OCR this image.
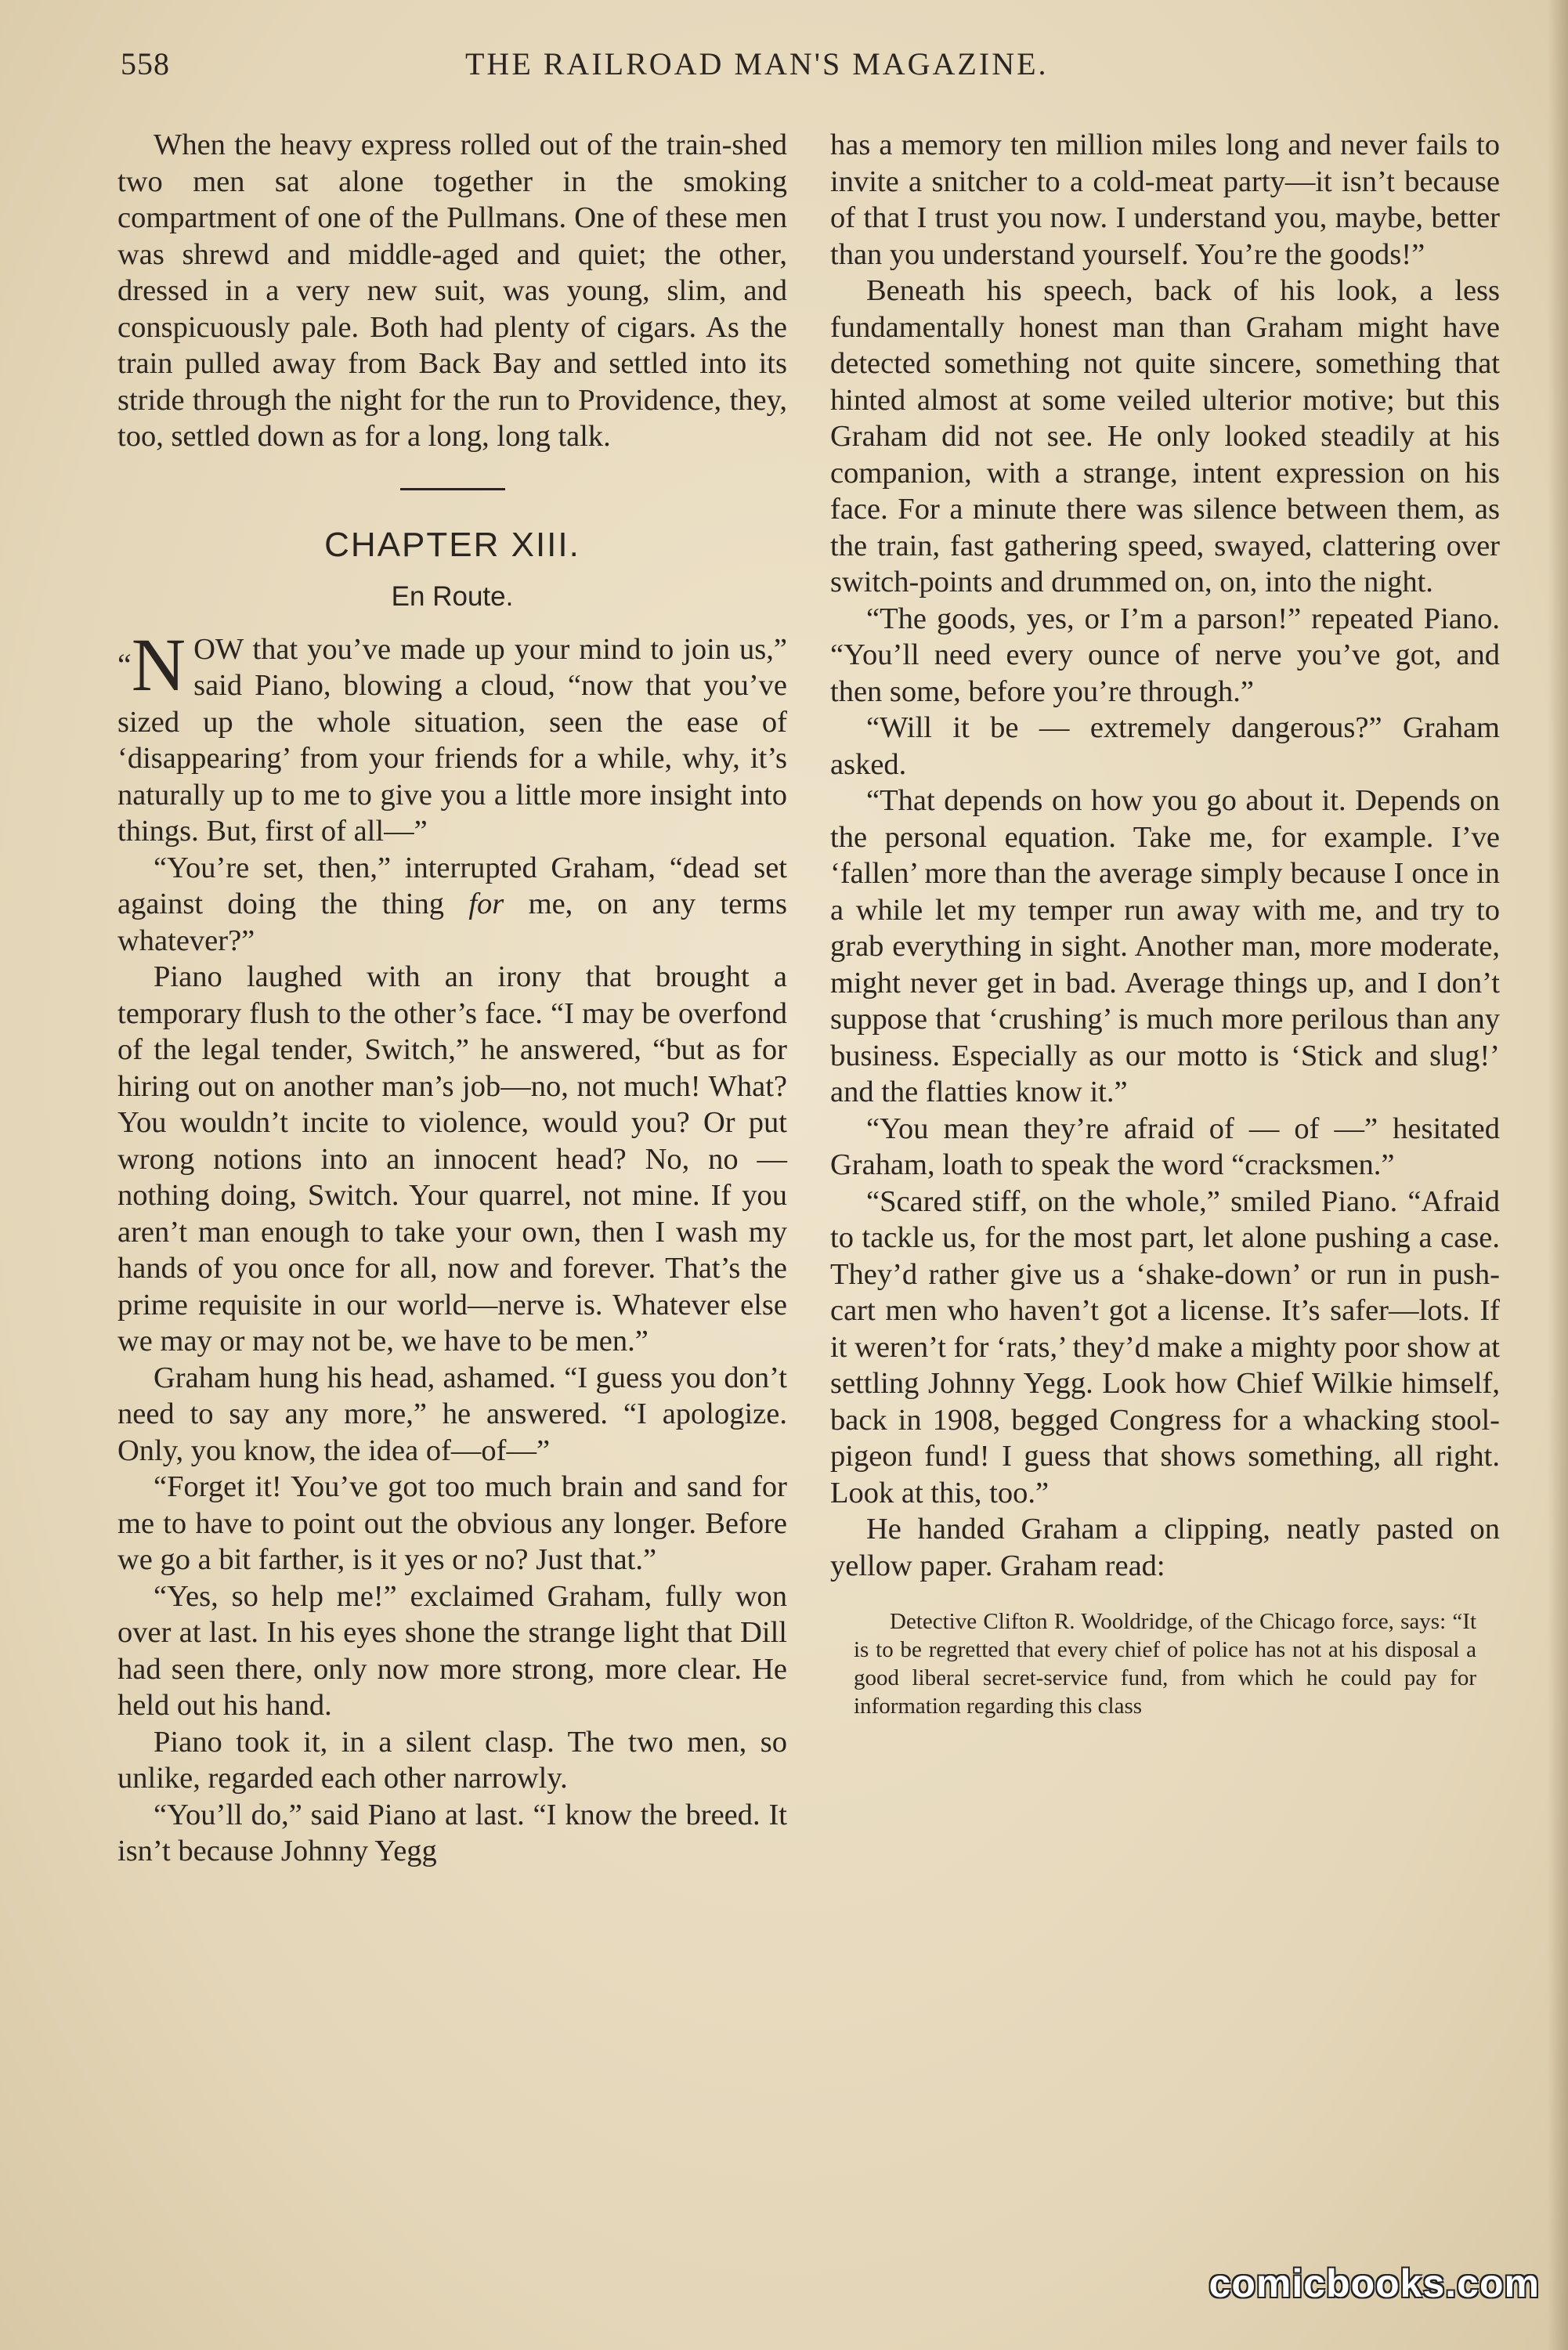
558	THE RAILROAD MAN'S MAGAZINE.

When the heavy express rolled out of the train-shed two men sat alone together in the smoking compartment of one of the Pullmans. One of these men was shrewd and middle-aged and quiet; the other, dressed in a very new suit, was young, slim, and conspicuously pale. Both had plenty of cigars. As the train pulled away from Back Bay and settled into its stride through the night for the run to Providence, they, too, settled down as for a long, long talk.

CHAPTER XIII.
En Route.

“N OW that you’ve made up your mind to join us,” said Piano, blowing a cloud, “now that you’ve sized up the whole situation, seen the ease of ‘disappearing’ from your friends for a while, why, it’s naturally up to me to give you a little more insight into things. But, first of all—”

“You’re set, then,” interrupted Graham, “dead set against doing the thing for me, on any terms whatever?”

Piano laughed with an irony that brought a temporary flush to the other’s face. “I may be overfond of the legal tender, Switch,” he answered, “but as for hiring out on another man’s job—no, not much! What? You wouldn’t incite to violence, would you? Or put wrong notions into an innocent head? No, no — nothing doing, Switch. Your quarrel, not mine. If you aren’t man enough to take your own, then I wash my hands of you once for all, now and forever. That’s the prime requisite in our world—nerve is. Whatever else we may or may not be, we have to be men.”

Graham hung his head, ashamed. “I guess you don’t need to say any more,” he answered. “I apologize. Only, you know, the idea of—of—”

“Forget it! You’ve got too much brain and sand for me to have to point out the obvious any longer. Before we go a bit farther, is it yes or no? Just that.”

“Yes, so help me!” exclaimed Graham, fully won over at last. In his eyes shone the strange light that Dill had seen there, only now more strong, more clear. He held out his hand.

Piano took it, in a silent clasp. The two men, so unlike, regarded each other narrowly.

“You’ll do,” said Piano at last. “I know the breed. It isn’t because Johnny Yegg

has a memory ten million miles long and never fails to invite a snitcher to a cold-meat party—it isn’t because of that I trust you now. I understand you, maybe, better than you understand yourself. You’re the goods!”

Beneath his speech, back of his look, a less fundamentally honest man than Graham might have detected something not quite sincere, something that hinted almost at some veiled ulterior motive; but this Graham did not see. He only looked steadily at his companion, with a strange, intent expression on his face. For a minute there was silence between them, as the train, fast gathering speed, swayed, clattering over switch-points and drummed on, on, into the night.

“The goods, yes, or I’m a parson!” repeated Piano. “You’ll need every ounce of nerve you’ve got, and then some, before you’re through.”

“Will it be — extremely dangerous?” Graham asked.

“That depends on how you go about it. Depends on the personal equation. Take me, for example. I’ve ‘fallen’ more than the average simply because I once in a while let my temper run away with me, and try to grab everything in sight. Another man, more moderate, might never get in bad. Average things up, and I don’t suppose that ‘crushing’ is much more perilous than any business. Especially as our motto is ‘Stick and slug!’ and the flatties know it.”

“You mean they’re afraid of — of —” hesitated Graham, loath to speak the word “cracksmen.”

“Scared stiff, on the whole,” smiled Piano. “Afraid to tackle us, for the most part, let alone pushing a case. They’d rather give us a ‘shake-down’ or run in push-cart men who haven’t got a license. It’s safer—lots. If it weren’t for ‘rats,’ they’d make a mighty poor show at settling Johnny Yegg. Look how Chief Wilkie himself, back in 1908, begged Congress for a whacking stool-pigeon fund! I guess that shows something, all right. Look at this, too.”

He handed Graham a clipping, neatly pasted on yellow paper. Graham read:

Detective Clifton R. Wooldridge, of the Chicago force, says: “It is to be regretted that every chief of police has not at his disposal a good liberal secret-service fund, from which he could pay for information regarding this class

comicbooks.com
